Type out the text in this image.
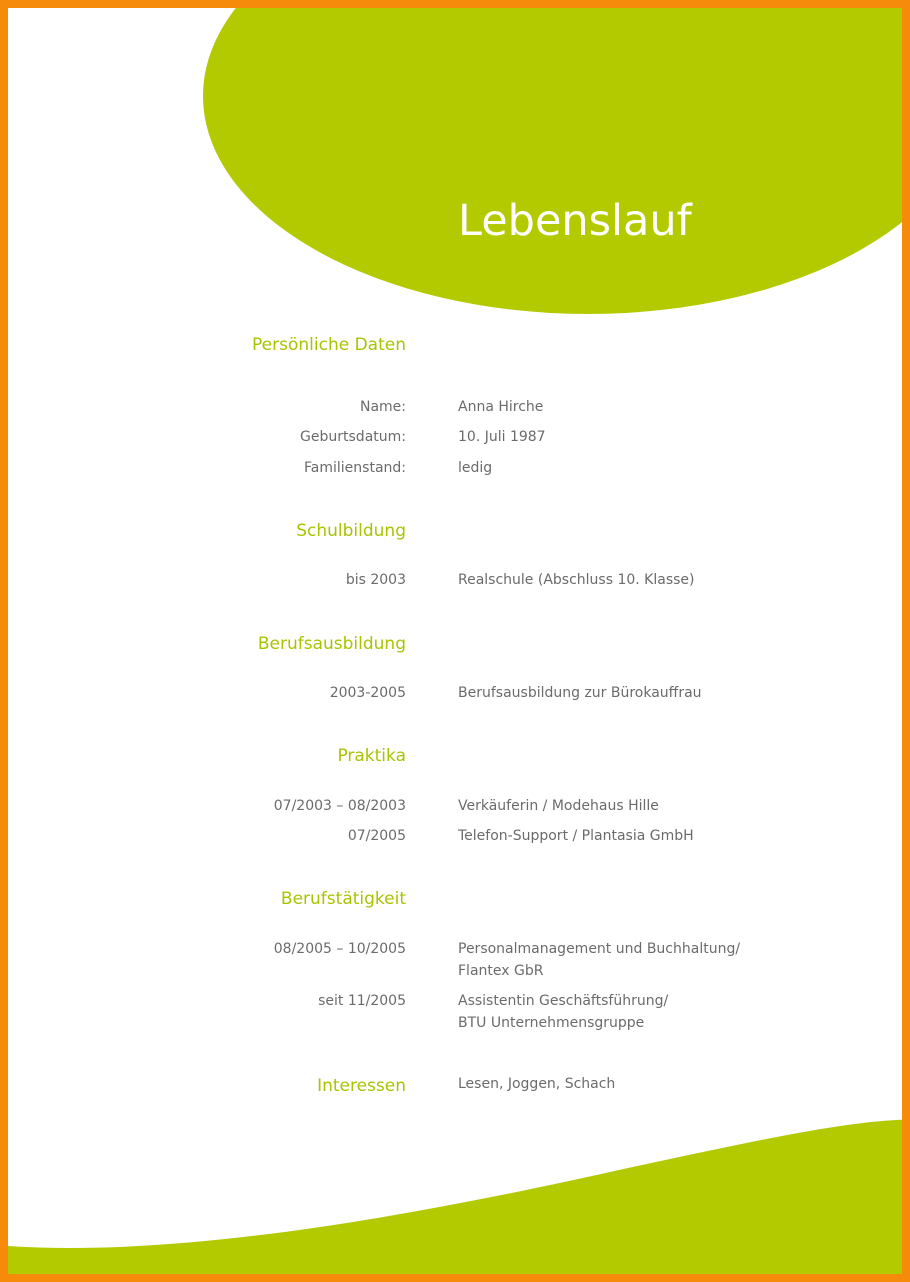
Lebenslauf
Persönliche Daten
Name:	Anna Hirche
Geburtsdatum:	10. Juli 1987
Familienstand:	ledig
Schulbildung
bis 2003	Realschule (Abschluss 10. Klasse)
Berufsausbildung
2003-2005	Berufsausbildung zur Bürokauffrau
Praktika
07/2003 – 08/2003	Verkäuferin / Modehaus Hille
07/2005	Telefon-Support / Plantasia GmbH
Berufstätigkeit
08/2005 – 10/2005	Personalmanagement und Buchhaltung/
Flantex GbR
seit 11/2005	Assistentin Geschäftsführung/
BTU Unternehmensgruppe
Interessen	Lesen, Joggen, Schach
